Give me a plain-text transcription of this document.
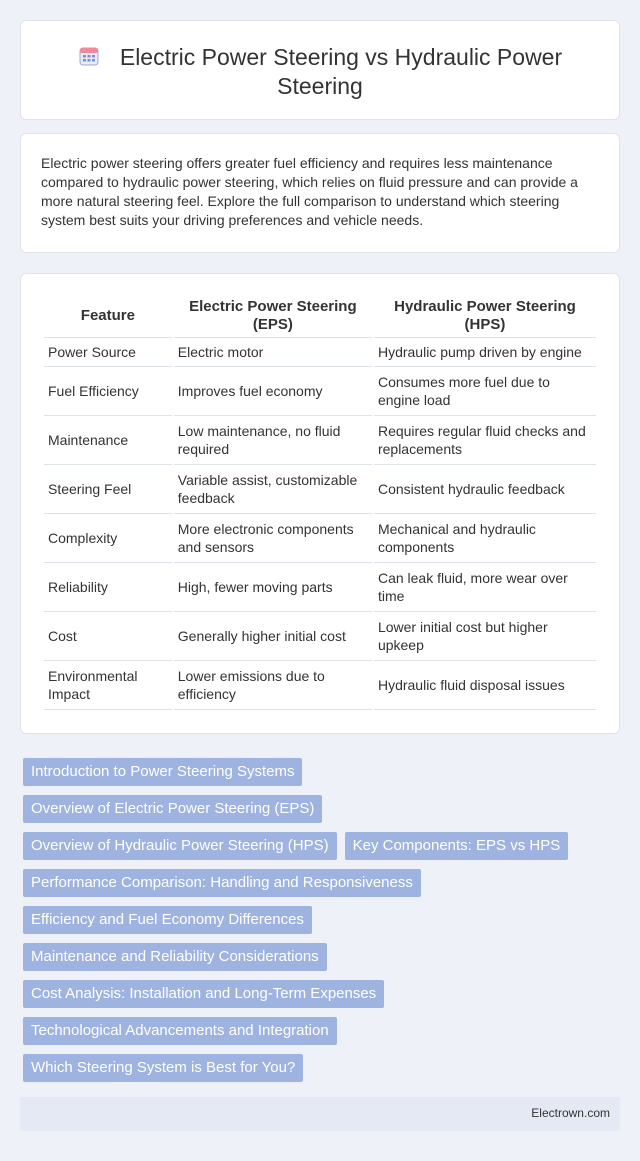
Electric Power Steering vs Hydraulic Power Steering

Electric power steering offers greater fuel efficiency and requires less maintenance compared to hydraulic power steering, which relies on fluid pressure and can provide a more natural steering feel. Explore the full comparison to understand which steering system best suits your driving preferences and vehicle needs.

Feature	Electric Power Steering (EPS)	Hydraulic Power Steering (HPS)
Power Source	Electric motor	Hydraulic pump driven by engine
Fuel Efficiency	Improves fuel economy	Consumes more fuel due to engine load
Maintenance	Low maintenance, no fluid required	Requires regular fluid checks and replacements
Steering Feel	Variable assist, customizable feedback	Consistent hydraulic feedback
Complexity	More electronic components and sensors	Mechanical and hydraulic components
Reliability	High, fewer moving parts	Can leak fluid, more wear over time
Cost	Generally higher initial cost	Lower initial cost but higher upkeep
Environmental Impact	Lower emissions due to efficiency	Hydraulic fluid disposal issues
Introduction to Power Steering Systems
Overview of Electric Power Steering (EPS)
Overview of Hydraulic Power Steering (HPS)	Key Components: EPS vs HPS
Performance Comparison: Handling and Responsiveness
Efficiency and Fuel Economy Differences
Maintenance and Reliability Considerations
Cost Analysis: Installation and Long-Term Expenses
Technological Advancements and Integration
Which Steering System is Best for You?
Electrown.com
